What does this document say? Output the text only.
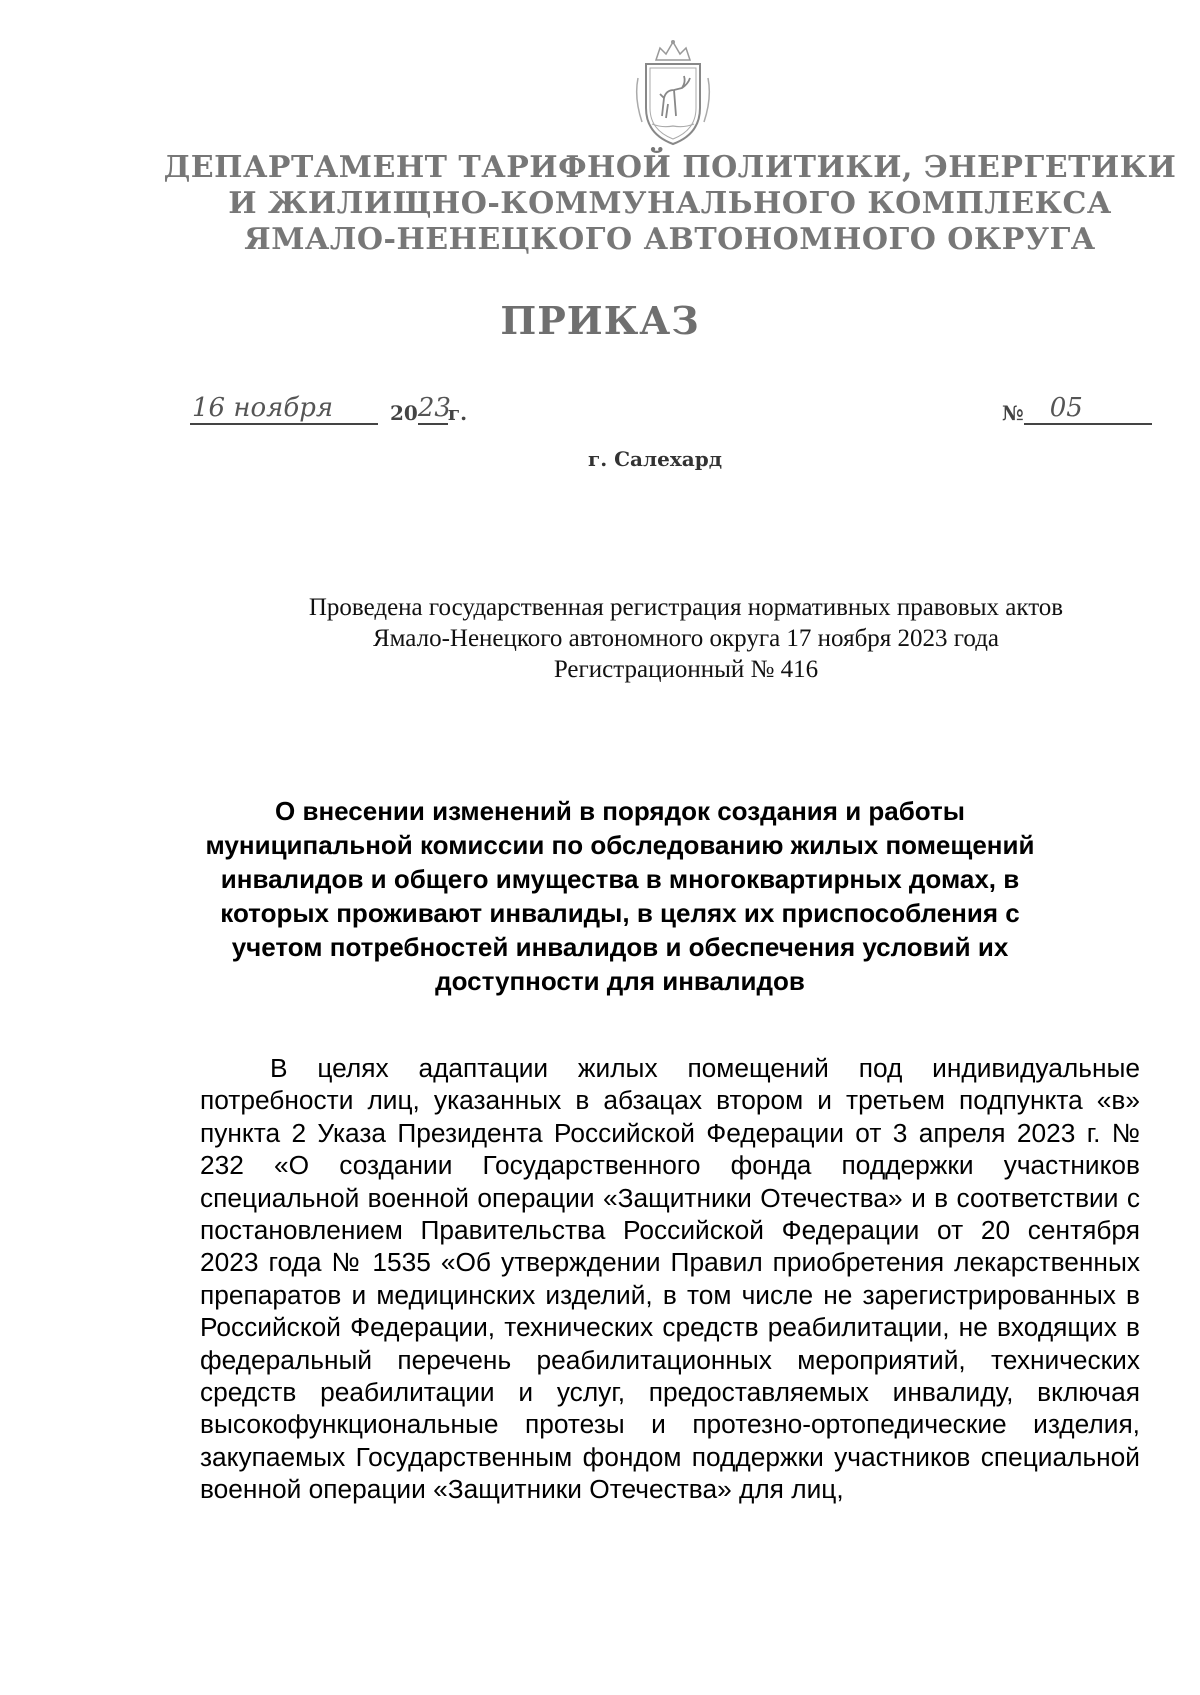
ДЕПАРТАМЕНТ ТАРИФНОЙ ПОЛИТИКИ, ЭНЕРГЕТИКИ
И ЖИЛИЩНО-КОММУНАЛЬНОГО КОМПЛЕКСА
ЯМАЛО-НЕНЕЦКОГО АВТОНОМНОГО ОКРУГА
ПРИКАЗ
16 ноября	20 23
г.	№	05
г. Салехард
Проведена государственная регистрация нормативных правовых актов
Ямало-Ненецкого автономного округа 17 ноября 2023 года
Регистрационный № 416
О внесении изменений в порядок создания и работы
муниципальной комиссии по обследованию жилых помещений
инвалидов и общего имущества в многоквартирных домах, в
которых проживают инвалиды, в целях их приспособления с
учетом потребностей инвалидов и обеспечения условий их
доступности для инвалидов

В целях адаптации жилых помещений под индивидуальные потребности лиц, указанных в абзацах втором и третьем подпункта «в» пункта 2 Указа Президента Российской Федерации от 3 апреля 2023 г. № 232 «О создании Государственного фонда поддержки участников специальной военной операции «Защитники Отечества» и в соответствии с постановлением Правительства Российской Федерации от 20 сентября 2023 года № 1535 «Об утверждении Правил приобретения лекарственных препаратов и медицинских изделий, в том числе не зарегистрированных в Российской Федерации, технических средств реабилитации, не входящих в федеральный перечень реабилитационных мероприятий, технических средств реабилитации и услуг, предоставляемых инвалиду, включая высокофункциональные протезы и протезно-ортопедические изделия, закупаемых Государственным фондом поддержки участников специальной военной операции «Защитники Отечества» для лиц,
